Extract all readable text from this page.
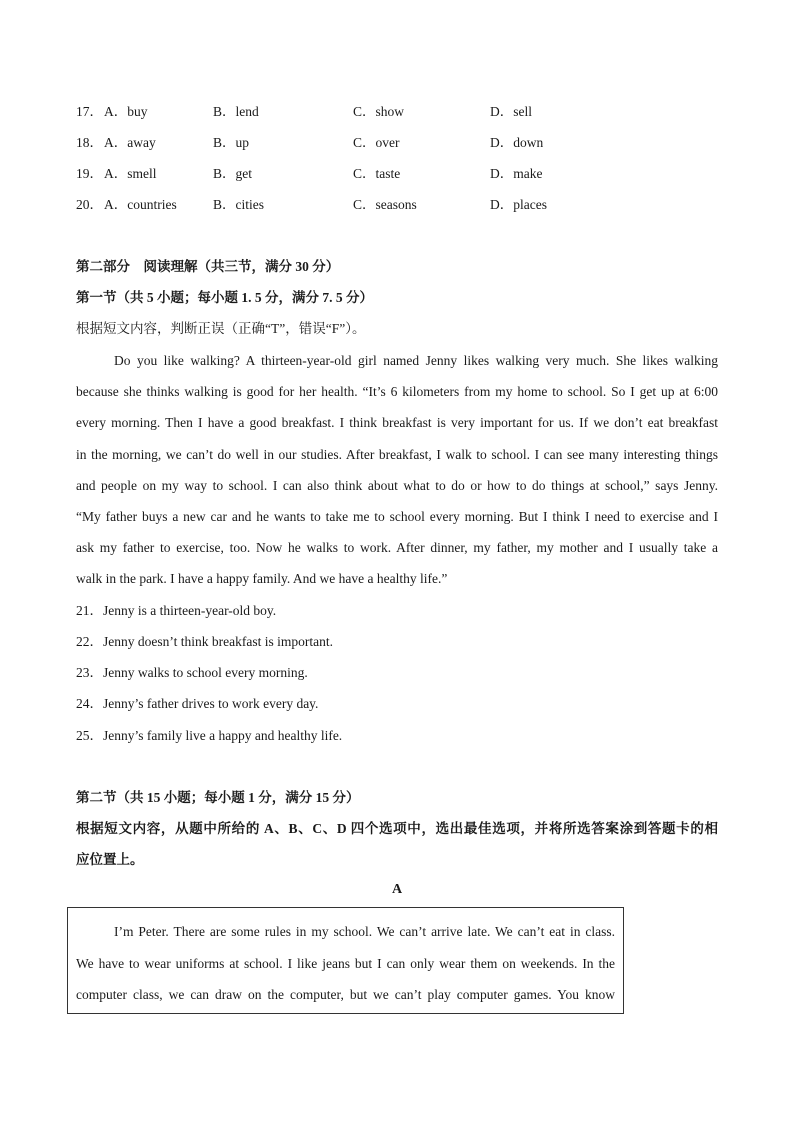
17． A．buy	B．lend	C．show	D．sell
18． A．away	B．up	C．over	D．down
19． A．smell	B．get	C．taste	D．make
20． A．countries	B．cities	C．seasons	D．places
第二部分　阅读理解（共三节，满分 30 分）
第一节（共 5 小题；每小题 1. 5 分，满分 7. 5 分）
根据短文内容，判断正误（正确“T”，错误“F”）。
Do you like walking? A thirteen-year-old girl named Jenny likes walking very much. She likes walking
because she thinks walking is good for her health. “It’s 6 kilometers from my home to school. So I get up at 6:00
every morning. Then I have a good breakfast. I think breakfast is very important for us. If we don’t eat breakfast
in the morning, we can’t do well in our studies. After breakfast, I walk to school. I can see many interesting things
and people on my way to school. I can also think about what to do or how to do things at school,” says Jenny.
“My father buys a new car and he wants to take me to school every morning. But I think I need to exercise and I
ask my father to exercise, too. Now he walks to work. After dinner, my father, my mother and I usually take a
walk in the park. I have a happy family. And we have a healthy life.”
21．Jenny is a thirteen-year-old boy.
22．Jenny doesn’t think breakfast is important.
23．Jenny walks to school every morning.
24．Jenny’s father drives to work every day.
25．Jenny’s family live a happy and healthy life.
第二节（共 15 小题；每小题 1 分，满分 15 分）
根据短文内容，从题中所给的 A、B、C、D 四个选项中，选出最佳选项，并将所选答案涂到答题卡的相
应位置上。
A
I’m Peter. There are some rules in my school. We can’t arrive late. We can’t eat in class.
We have to wear uniforms at school. I like jeans but I can only wear them on weekends. In the
computer class, we can draw on the computer, but we can’t play computer games. You know
